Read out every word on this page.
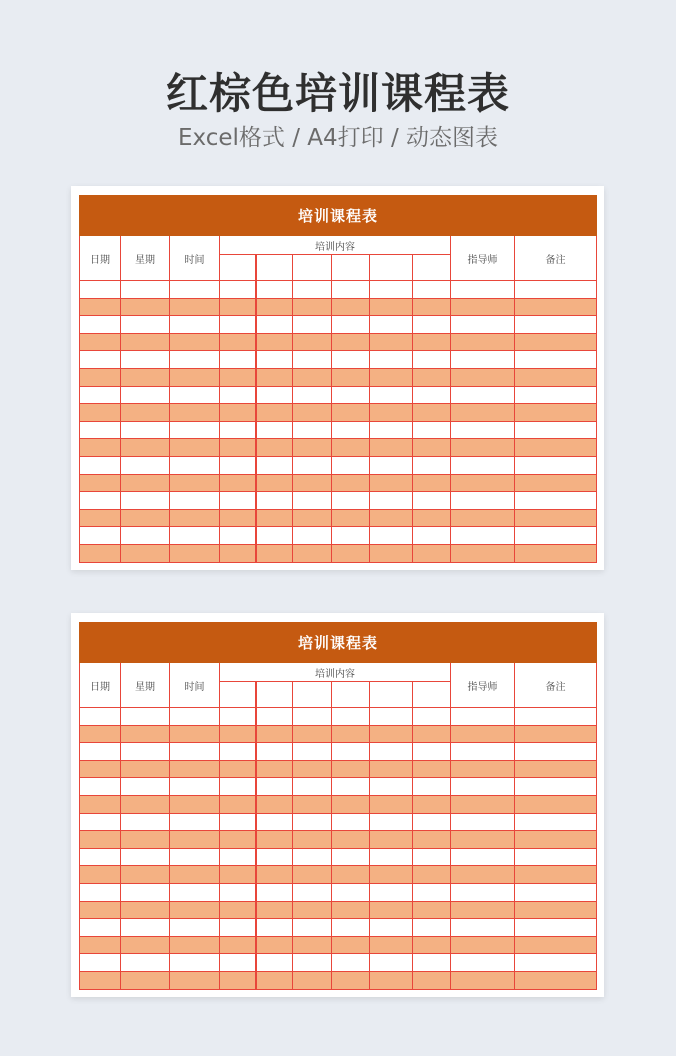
红棕色培训课程表
Excel格式 / A4打印 / 动态图表
培训课程表										
日期	星期	时间	培训内容						指导师	备注

培训课程表										
日期	星期	时间	培训内容						指导师	备注
